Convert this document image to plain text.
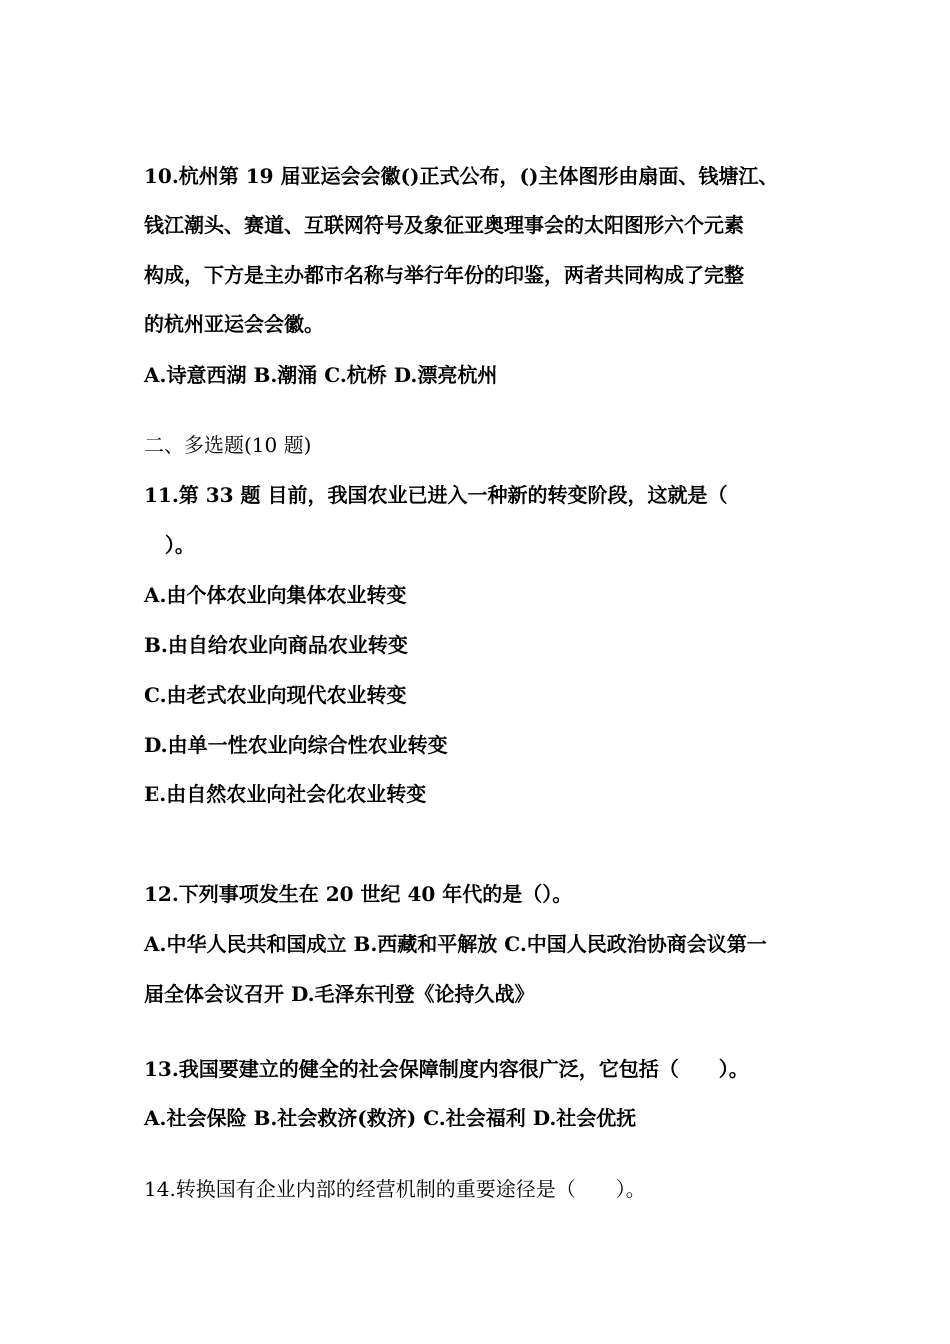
10.杭州第 19 届亚运会会徽()正式公布，()主体图形由扇面、钱塘江、
钱江潮头、赛道、互联网符号及象征亚奥理事会的太阳图形六个元素
构成，下方是主办都市名称与举行年份的印鉴，两者共同构成了完整
的杭州亚运会会徽。
A.诗意西湖 B.潮涌 C.杭桥 D.漂亮杭州
二、多选题(10 题)
11.第 33 题 目前，我国农业已进入一种新的转变阶段，这就是（
）。
A.由个体农业向集体农业转变
B.由自给农业向商品农业转变
C.由老式农业向现代农业转变
D.由单一性农业向综合性农业转变
E.由自然农业向社会化农业转变
12.下列事项发生在 20 世纪 40 年代的是（）。
A.中华人民共和国成立 B.西藏和平解放 C.中国人民政治协商会议第一
届全体会议召开 D.毛泽东刊登《论持久战》
13.我国要建立的健全的社会保障制度内容很广泛，它包括（　　）。
A.社会保险 B.社会救济(救济) C.社会福利 D.社会优抚
14.转换国有企业内部的经营机制的重要途径是（　　）。
